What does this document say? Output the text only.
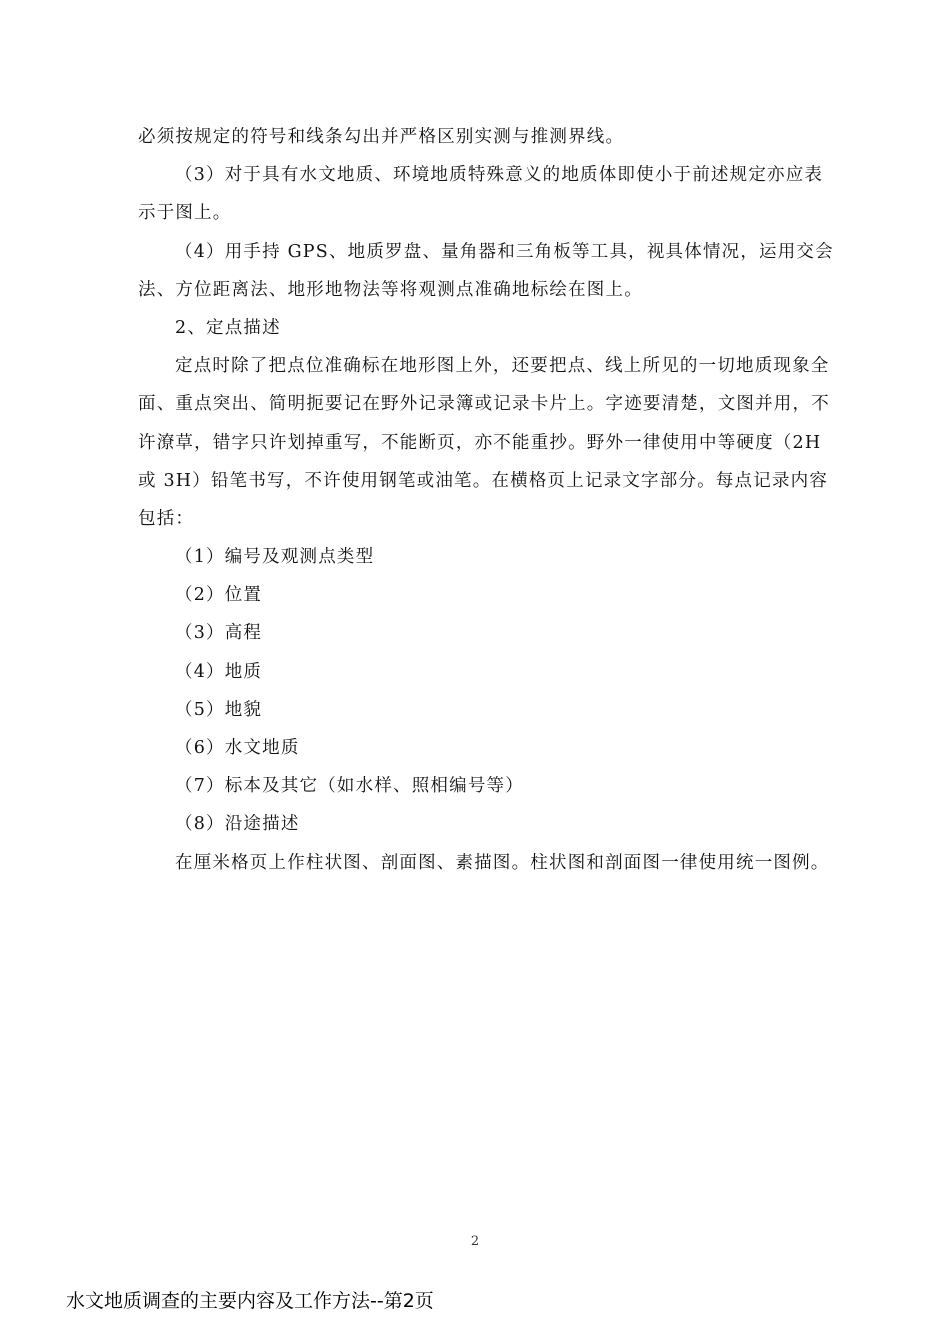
必须按规定的符号和线条勾出并严格区别实测与推测界线。
（3）对于具有水文地质、环境地质特殊意义的地质体即使小于前述规定亦应表
示于图上。
（4）用手持 GPS、地质罗盘、量角器和三角板等工具，视具体情况，运用交会
法、方位距离法、地形地物法等将观测点准确地标绘在图上。
2、定点描述
定点时除了把点位准确标在地形图上外，还要把点、线上所见的一切地质现象全
面、重点突出、简明扼要记在野外记录簿或记录卡片上。字迹要清楚，文图并用，不
许潦草，错字只许划掉重写，不能断页，亦不能重抄。野外一律使用中等硬度（2H
或 3H）铅笔书写，不许使用钢笔或油笔。在横格页上记录文字部分。每点记录内容
包括：
（1）编号及观测点类型
（2）位置
（3）高程
（4）地质
（5）地貌
（6）水文地质
（7）标本及其它（如水样、照相编号等）
（8）沿途描述
在厘米格页上作柱状图、剖面图、素描图。柱状图和剖面图一律使用统一图例。
2
水文地质调查的主要内容及工作方法--第2页
